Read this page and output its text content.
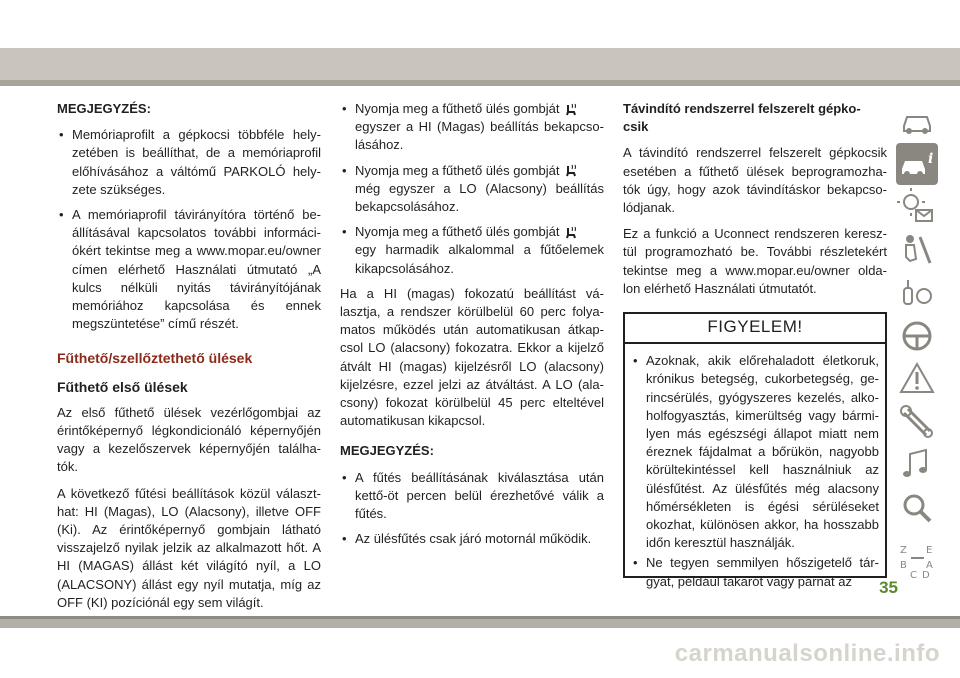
MEGJEGYZÉS:
• Memóriaprofilt a gépkocsi többféle hely- zetében is beállíthat, de a memóriaprofil előhívásához a váltómű PARKOLÓ hely- zete szükséges.
• A memóriaprofil távirányítóra történő be- állításával kapcsolatos további informáci- ókért tekintse meg a www.mopar.eu/owner címen elérhető Használati útmutató „A kulcs nélküli nyitás távirányítójának memóriához kapcsolása és ennek megszüntetése” című részét.
Fűthető/szellőztethető ülések
Fűthető első ülések

Az első fűthető ülések vezérlőgombjai az érintőképernyő légkondicionáló képernyőjén vagy a kezelőszervek képernyőjén találha- tók.

A következő fűtési beállítások közül választ- hat: HI (Magas), LO (Alacsony), illetve OFF (Ki). Az érintőképernyő gombjain látható visszajelző nyilak jelzik az alkalmazott hőt. A HI (MAGAS) állást két világító nyíl, a LO (ALACSONY) állást egy nyíl mutatja, míg az OFF (KI) pozíciónál egy sem világít.

• Nyomja meg a fűthető ülés gombját
egyszer a HI (Magas) beállítás bekapcso- lásához.
• Nyomja meg a fűthető ülés gombját
még egyszer a LO (Alacsony) beállítás bekapcsolásához.
• Nyomja meg a fűthető ülés gombját
egy harmadik alkalommal a fűtőelemek kikapcsolásához.

Ha a HI (magas) fokozatú beállítást vá- lasztja, a rendszer körülbelül 60 perc folya- matos működés után automatikusan átkap- csol LO (alacsony) fokozatra. Ekkor a kijelző átvált HI (magas) kijelzésről LO (alacsony) kijelzésre, ezzel jelzi az átváltást. A LO (ala- csony) fokozat körülbelül 45 perc elteltével automatikusan kikapcsol.

MEGJEGYZÉS:
• A fűtés beállításának kiválasztása után kettő-öt percen belül érezhetővé válik a fűtés.
• Az ülésfűtés csak járó motornál működik.
Távindító rendszerrel felszerelt gépko- csik

A távindító rendszerrel felszerelt gépkocsik esetében a fűthető ülések beprogramozha- tók úgy, hogy azok távindításkor bekapcso- lódjanak.

Ez a funkció a Uconnect rendszeren keresz- tül programozható be. További részletekért tekintse meg a www.mopar.eu/owner olda- lon elérhető Használati útmutatót.

FIGYELEM!
• Azoknak, akik előrehaladott életkoruk, krónikus betegség, cukorbetegség, ge- rincsérülés, gyógyszeres kezelés, alko- holfogyasztás, kimerültség vagy bármi- lyen más egészségi állapot miatt nem éreznek fájdalmat a bőrükön, nagyobb körültekintéssel kell használniuk az ülésfűtést. Az ülésfűtés még alacsony hőmérsékleten is égési sérüléseket okozhat, különösen akkor, ha hosszabb időn keresztül használják.
• Ne tegyen semmilyen hőszigetelő tár- gyat, például takarót vagy párnát az
i
Z E
B A
C D
35
carmanualsonline.info
